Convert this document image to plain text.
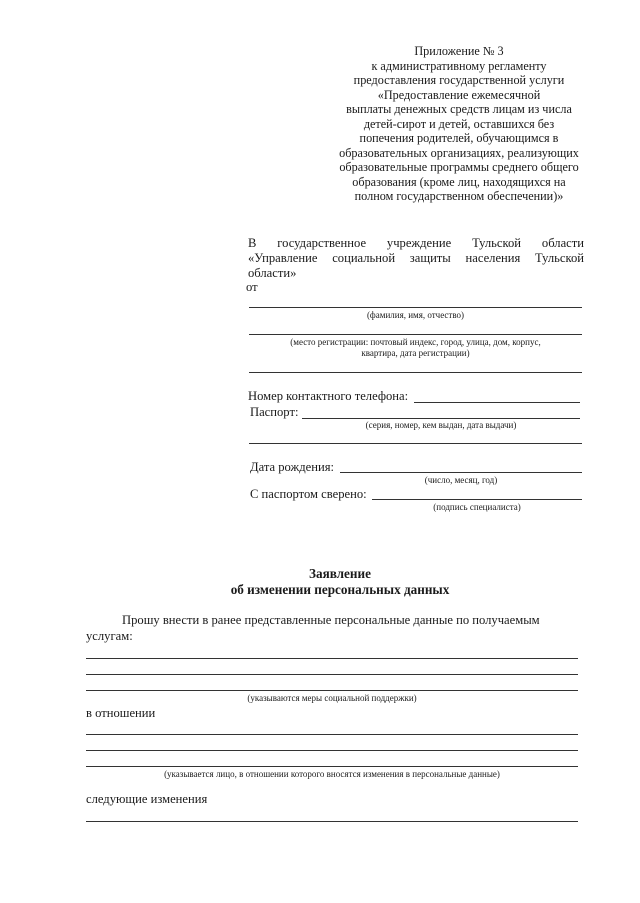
Приложение № 3
к административному регламенту
предоставления государственной услуги
«Предоставление ежемесячной
выплаты денежных средств лицам из числа
детей-сирот и детей, оставшихся без
попечения родителей, обучающимся в
образовательных организациях, реализующих
образовательные программы среднего общего
образования (кроме лиц, находящихся на
полном государственном обеспечении)»
В государственное учреждение Тульской области «Управление социальной защиты населения Тульской области»
от
(фамилия, имя, отчество)
(место регистрации: почтовый индекс, город, улица, дом, корпус,
квартира, дата регистрации)
Номер контактного телефона:
Паспорт:
(серия, номер, кем выдан, дата выдачи)
Дата рождения:
(число, месяц, год)
С паспортом сверено:
(подпись специалиста)
Заявление
об изменении персональных данных
Прошу внести в ранее представленные персональные данные по получаемым
услугам:
(указываются меры социальной поддержки)
в отношении
(указывается лицо, в отношении которого вносятся изменения в персональные данные)
следующие изменения
